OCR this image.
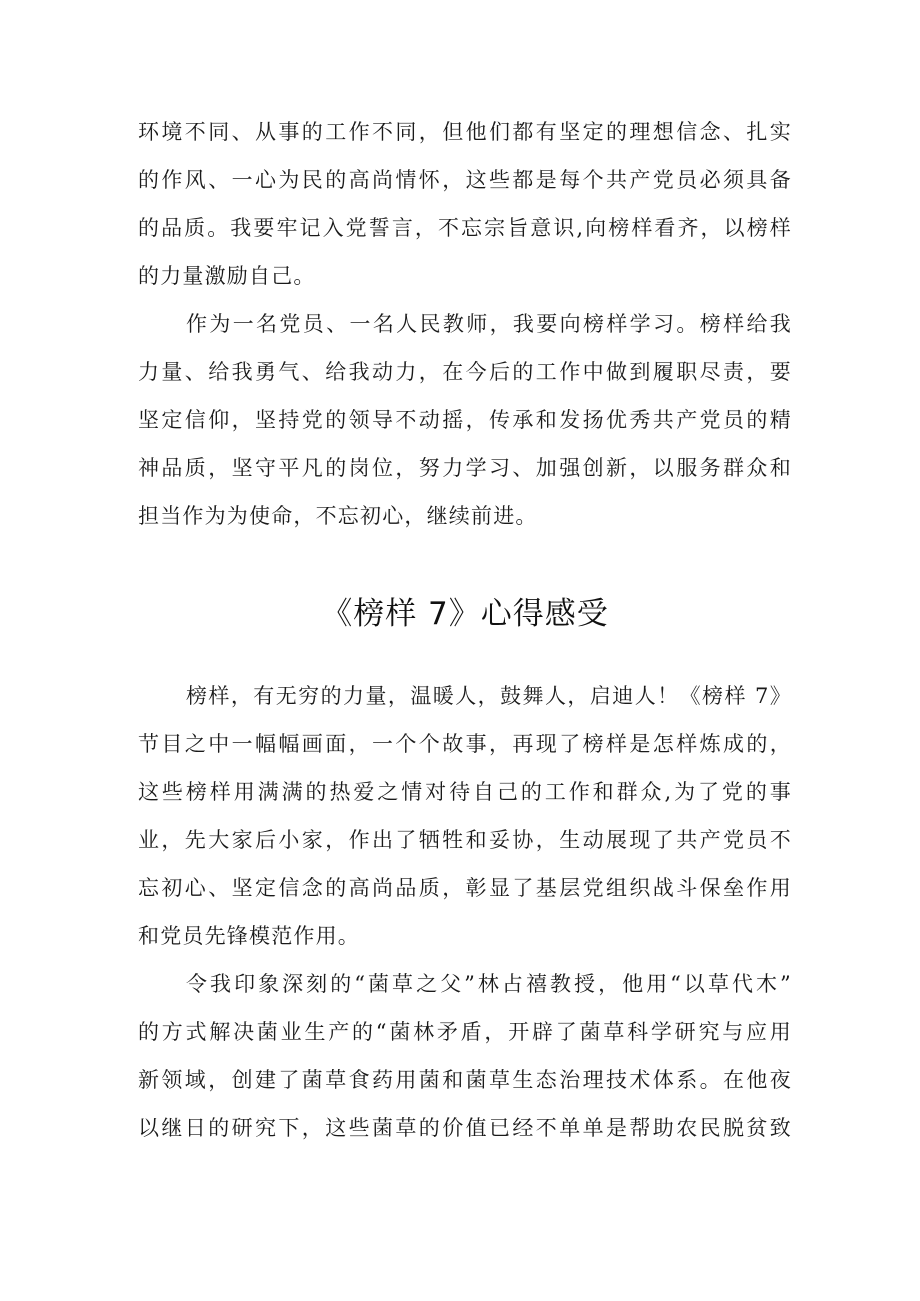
环境不同、从事的工作不同，但他们都有坚定的理想信念、扎实
的作风、一心为民的高尚情怀，这些都是每个共产党员必须具备
的品质。我要牢记入党誓言，不忘宗旨意识,向榜样看齐，以榜样
的力量激励自己。
作为一名党员、一名人民教师，我要向榜样学习。榜样给我
力量、给我勇气、给我动力，在今后的工作中做到履职尽责，要
坚定信仰，坚持党的领导不动摇，传承和发扬优秀共产党员的精
神品质，坚守平凡的岗位，努力学习、加强创新，以服务群众和
担当作为为使命，不忘初心，继续前进。
《榜样 7》心得感受
榜样，有无穷的力量，温暖人，鼓舞人，启迪人！《榜样 7》
节目之中一幅幅画面，一个个故事，再现了榜样是怎样炼成的，
这些榜样用满满的热爱之情对待自己的工作和群众,为了党的事
业，先大家后小家，作出了牺牲和妥协，生动展现了共产党员不
忘初心、坚定信念的高尚品质，彰显了基层党组织战斗保垒作用
和党员先锋模范作用。
令我印象深刻的“菌草之父”林占禧教授，他用“以草代木”
的方式解决菌业生产的“菌林矛盾，开辟了菌草科学研究与应用
新领域，创建了菌草食药用菌和菌草生态治理技术体系。在他夜
以继日的研究下，这些菌草的价值已经不单单是帮助农民脱贫致
